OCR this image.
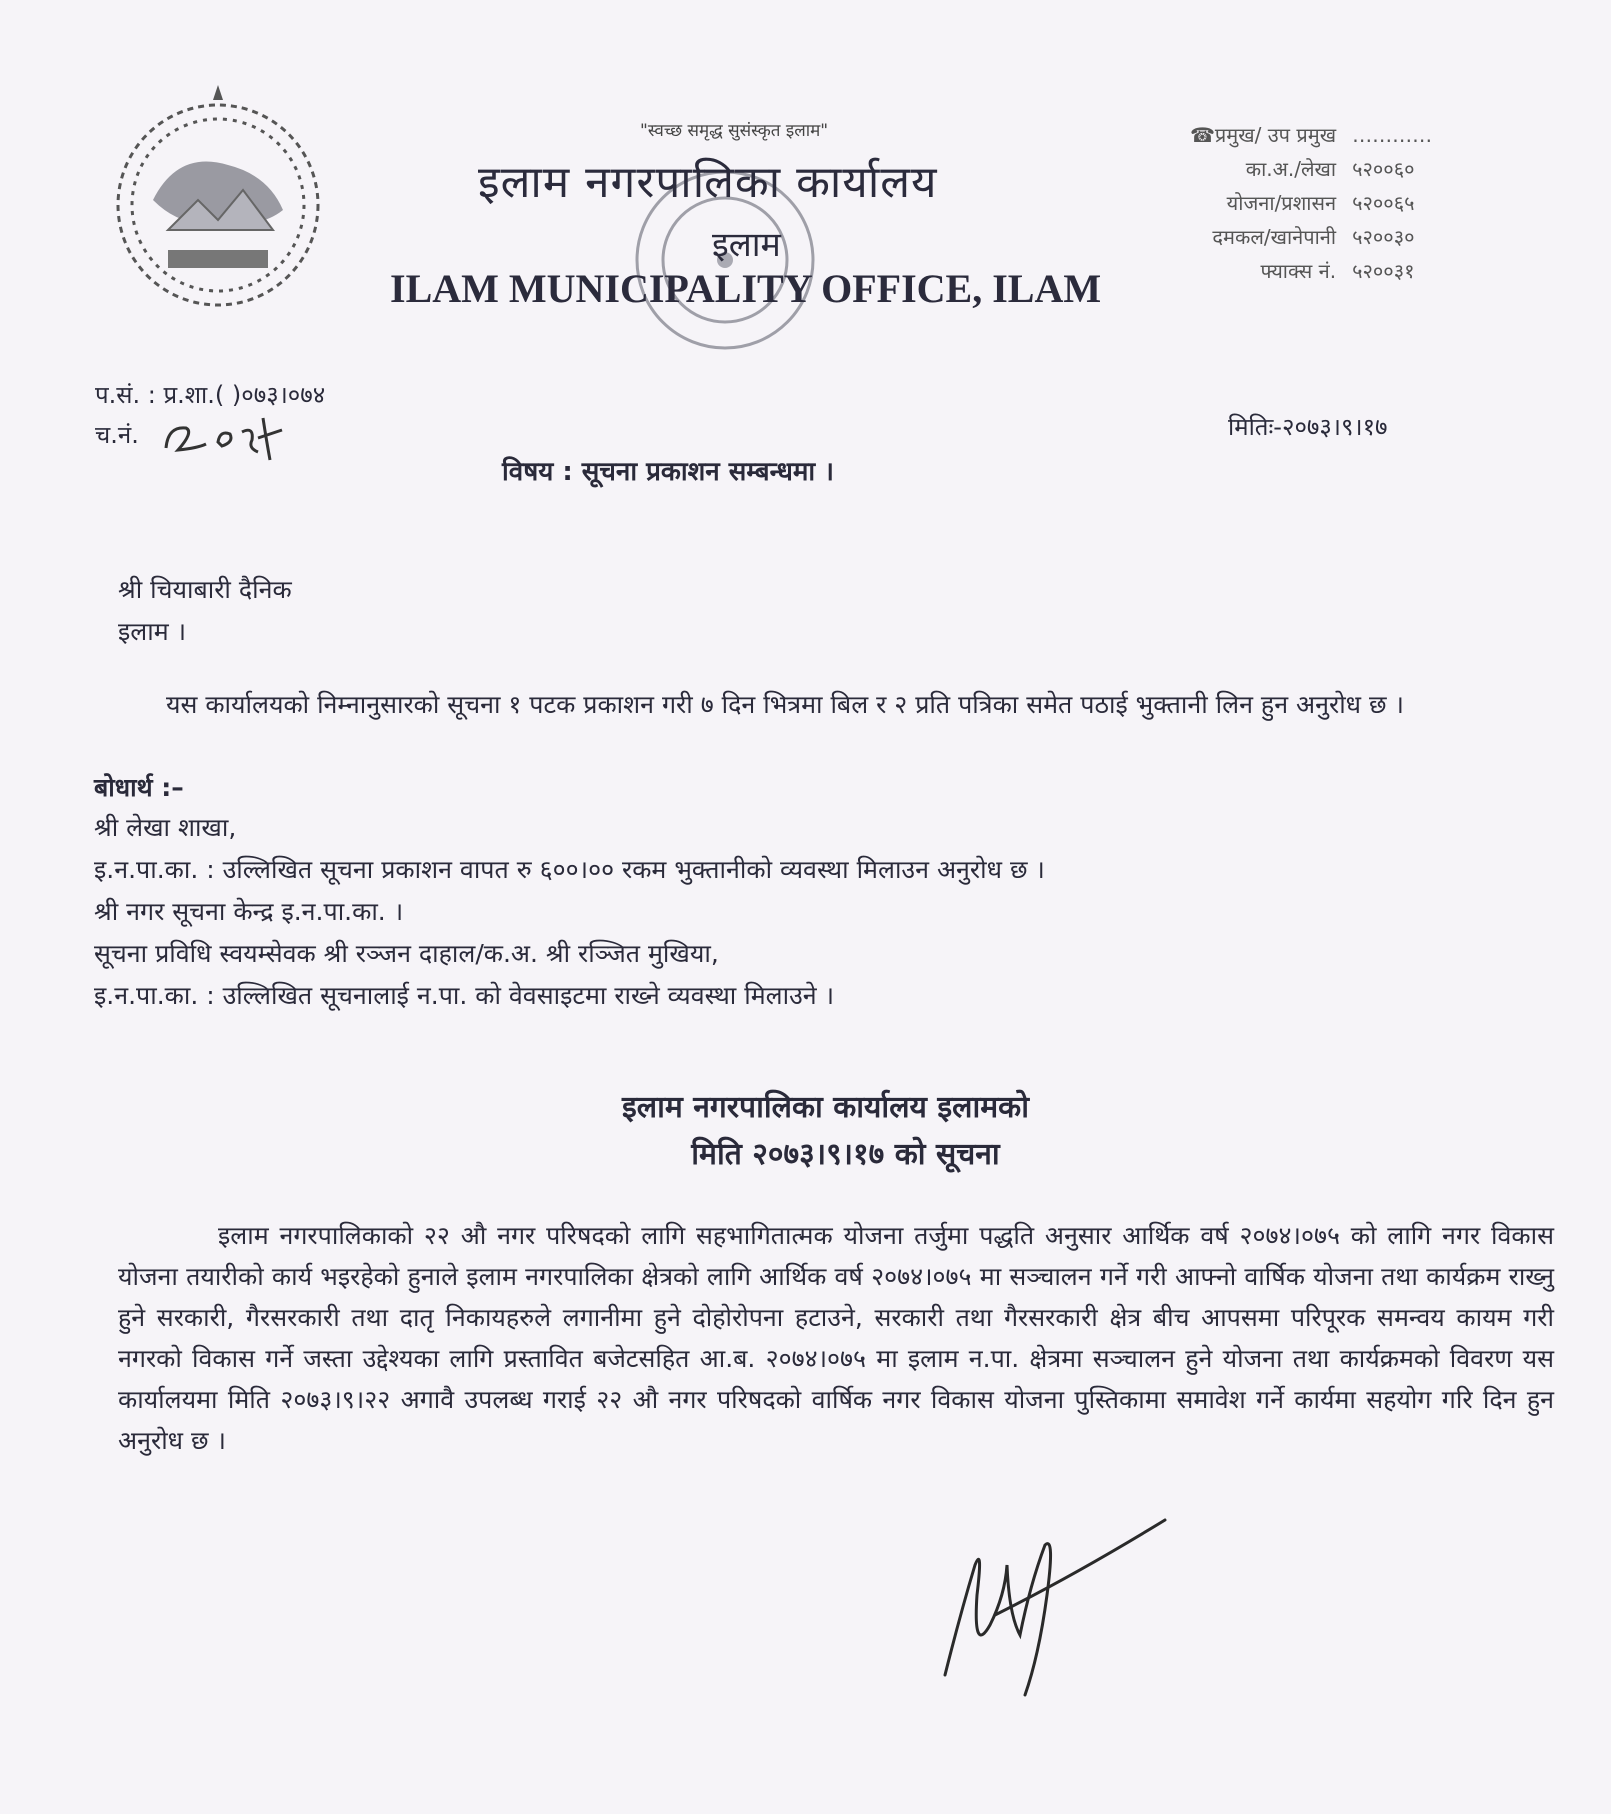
"स्वच्छ समृद्ध सुसंस्कृत इलाम"
इलाम नगरपालिका कार्यालय
इलाम
ILAM MUNICIPALITY OFFICE, ILAM
☎प्रमुख/ उप प्रमुख …………
का.अ./लेखा ५२००६०
योजना/प्रशासन ५२००६५
दमकल/खानेपानी ५२००३०
फ्याक्स नं. ५२००३१
प.सं. : प्र.शा.( )०७३।०७४
च.नं.	मितिः-२०७३।९।१७
विषय : सूचना प्रकाशन सम्बन्धमा ।
श्री चियाबारी दैनिक
इलाम ।
यस कार्यालयको निम्नानुसारको सूचना १ पटक प्रकाशन गरी ७ दिन भित्रमा बिल र २ प्रति पत्रिका समेत पठाई भुक्तानी लिन हुन अनुरोध छ ।
बोधार्थ :–
श्री लेखा शाखा,
इ.न.पा.का. : उल्लिखित सूचना प्रकाशन वापत रु ६००।०० रकम भुक्तानीको व्यवस्था मिलाउन अनुरोध छ ।
श्री नगर सूचना केन्द्र इ.न.पा.का. ।
सूचना प्रविधि स्वयम्सेवक श्री रञ्जन दाहाल/क.अ. श्री रञ्जित मुखिया,
इ.न.पा.का. : उल्लिखित सूचनालाई न.पा. को वेवसाइटमा राख्ने व्यवस्था मिलाउने ।
इलाम नगरपालिका कार्यालय इलामको
मिति २०७३।९।१७ को सूचना
इलाम नगरपालिकाको २२ औ नगर परिषदको लागि सहभागितात्मक योजना तर्जुमा पद्धति अनुसार आर्थिक वर्ष २०७४।०७५ को लागि नगर विकास योजना तयारीको कार्य भइरहेको हुनाले इलाम नगरपालिका क्षेत्रको लागि आर्थिक वर्ष २०७४।०७५ मा सञ्चालन गर्ने गरी आफ्नो वार्षिक योजना तथा कार्यक्रम राख्नु हुने सरकारी, गैरसरकारी तथा दातृ निकायहरुले लगानीमा हुने दोहोरोपना हटाउने, सरकारी तथा गैरसरकारी क्षेत्र बीच आपसमा परिपूरक समन्वय कायम गरी नगरको विकास गर्ने जस्ता उद्देश्यका लागि प्रस्तावित बजेटसहित आ.ब. २०७४।०७५ मा इलाम न.पा. क्षेत्रमा सञ्चालन हुने योजना तथा कार्यक्रमको विवरण यस कार्यालयमा मिति २०७३।९।२२ अगावै उपलब्ध गराई २२ औ नगर परिषदको वार्षिक नगर विकास योजना पुस्तिकामा समावेश गर्ने कार्यमा सहयोग गरि दिन हुन अनुरोध छ ।
